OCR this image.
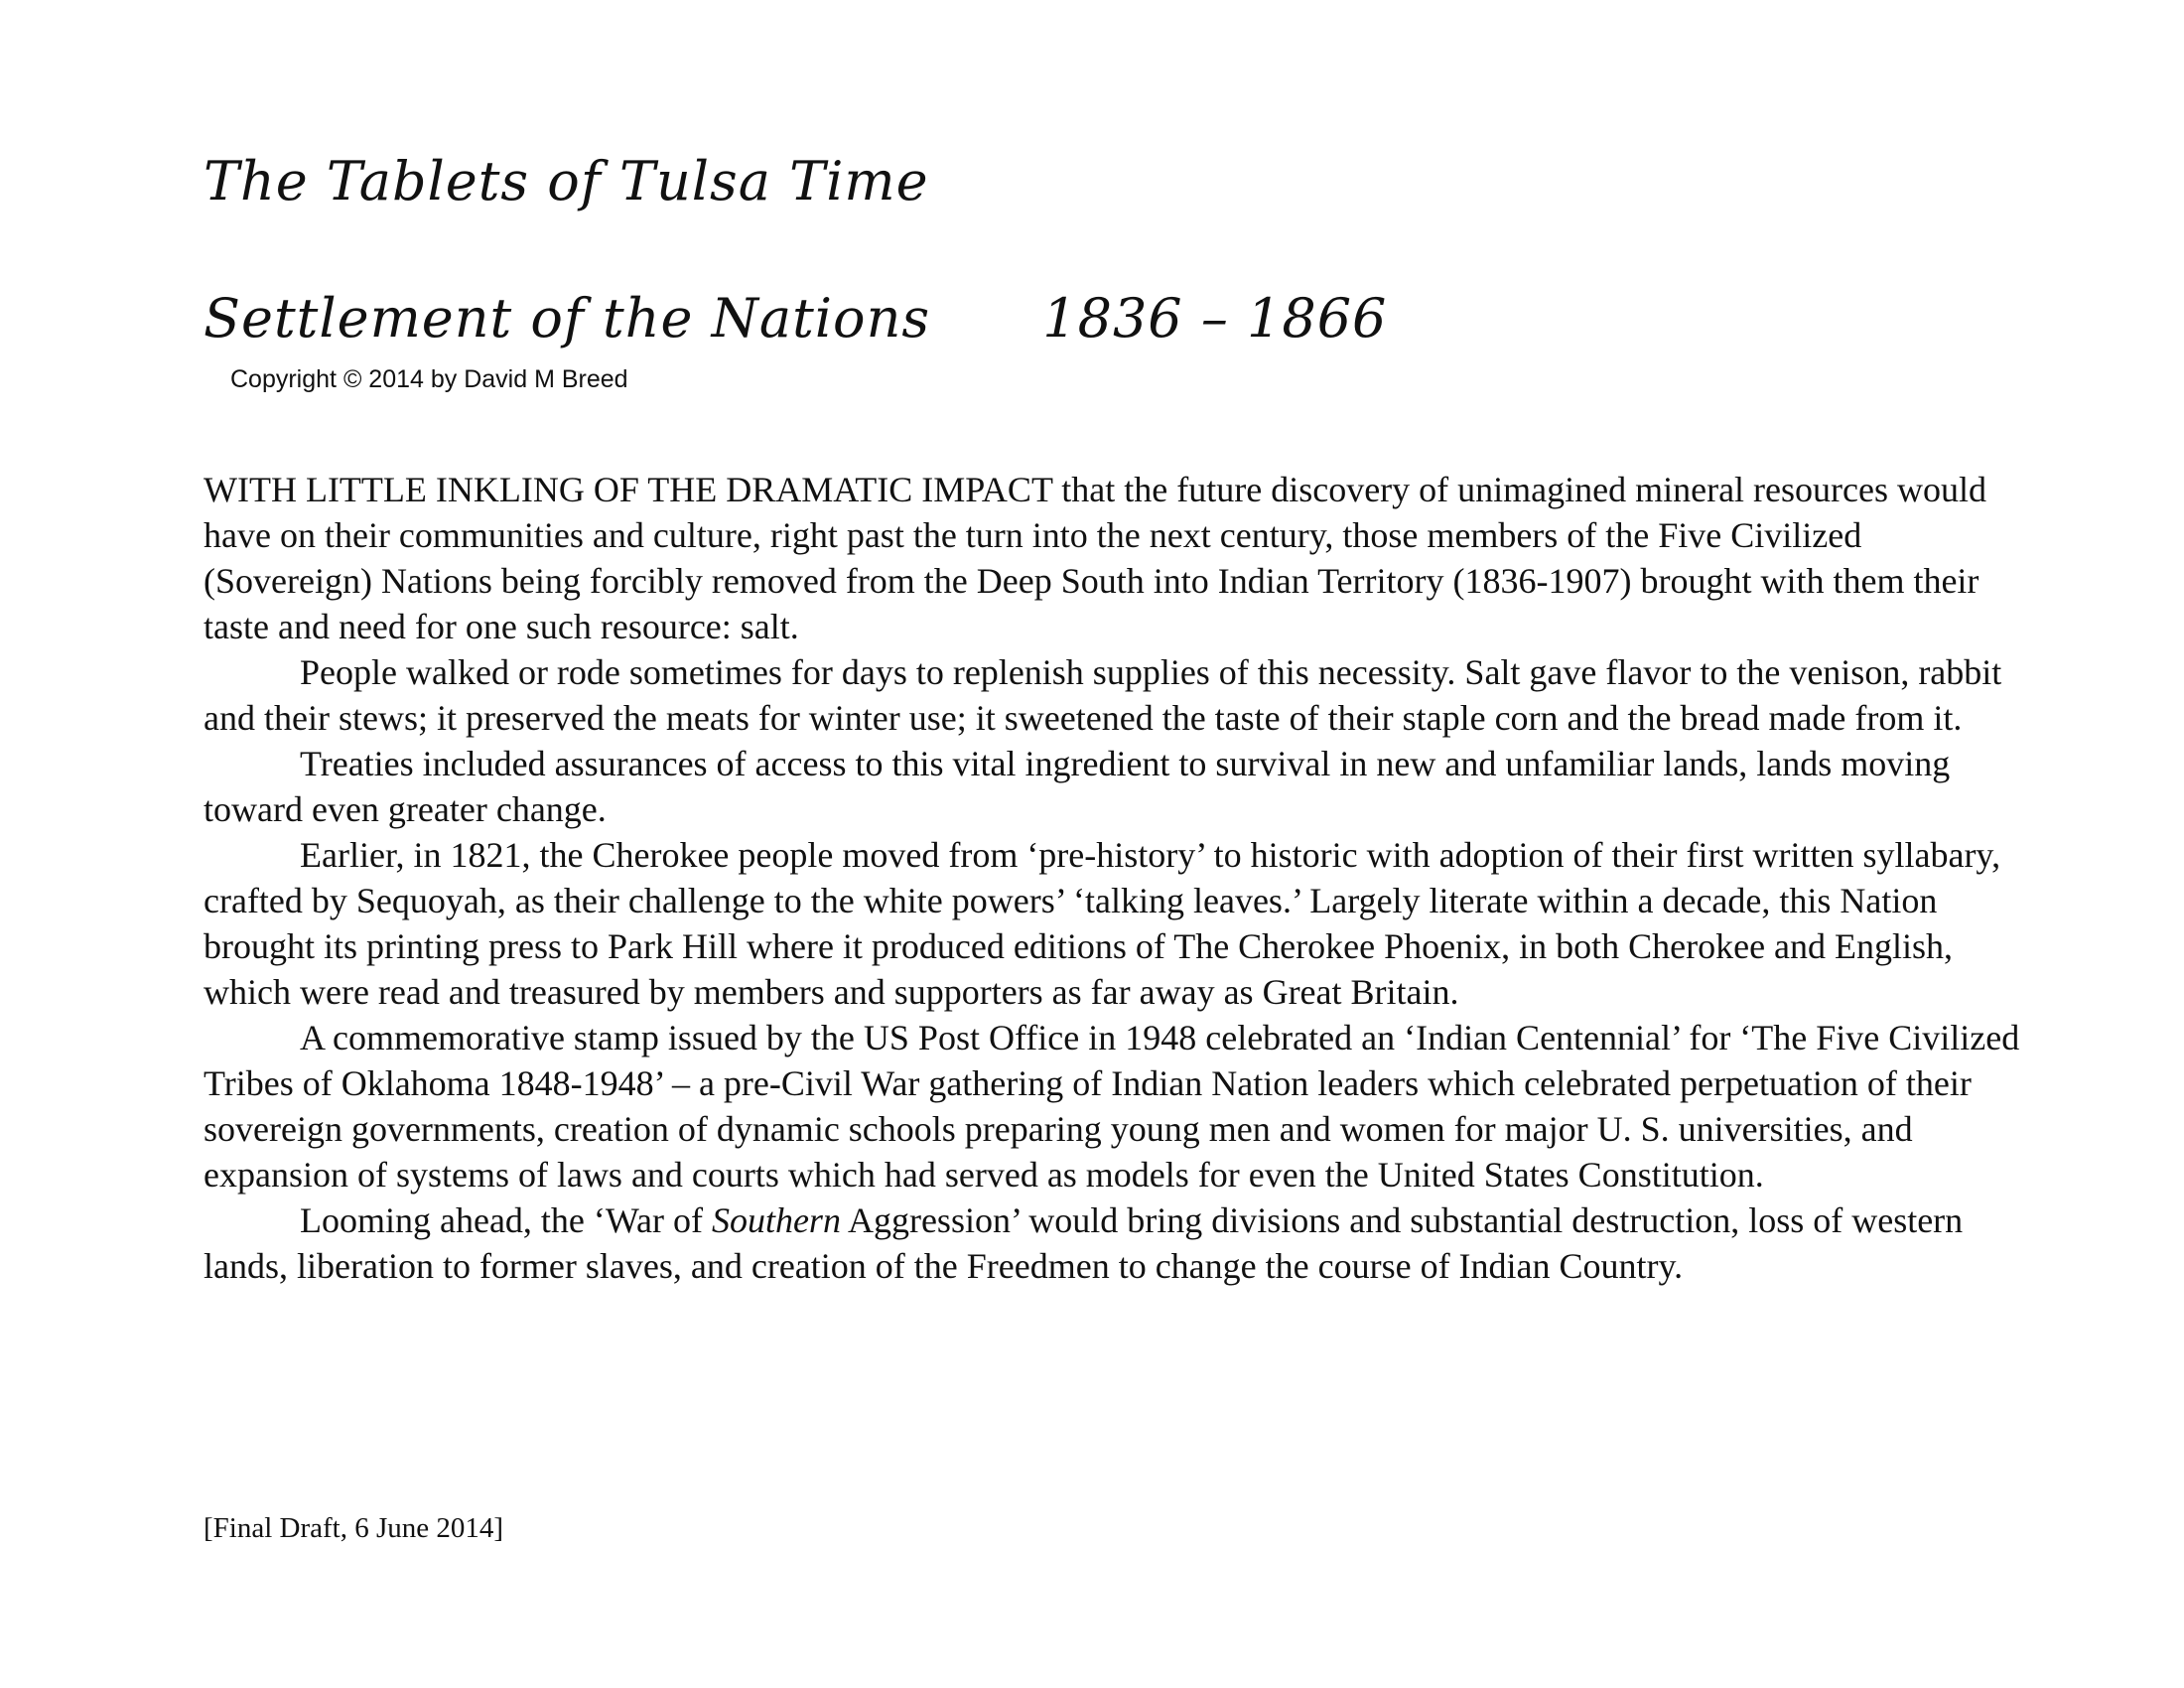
The Tablets of Tulsa Time
Settlement of the Nations 1836 – 1866
Copyright © 2014 by David M Breed

WITH LITTLE INKLING OF THE DRAMATIC IMPACT that the future discovery of unimagined mineral resources would have on their communities and culture, right past the turn into the next century, those members of the Five Civilized (Sovereign) Nations being forcibly removed from the Deep South into Indian Territory (1836-1907) brought with them their taste and need for one such resource: salt.

People walked or rode sometimes for days to replenish supplies of this necessity. Salt gave flavor to the venison, rabbit and their stews; it preserved the meats for winter use; it sweetened the taste of their staple corn and the bread made from it.

Treaties included assurances of access to this vital ingredient to survival in new and unfamiliar lands, lands moving toward even greater change.

Earlier, in 1821, the Cherokee people moved from ‘pre-history’ to historic with adoption of their first written syllabary, crafted by Sequoyah, as their challenge to the white powers’ ‘talking leaves.’ Largely literate within a decade, this Nation brought its printing press to Park Hill where it produced editions of The Cherokee Phoenix, in both Cherokee and English, which were read and treasured by members and supporters as far away as Great Britain.

A commemorative stamp issued by the US Post Office in 1948 celebrated an ‘Indian Centennial’ for ‘The Five Civilized Tribes of Oklahoma 1848-1948’ – a pre-Civil War gathering of Indian Nation leaders which celebrated perpetuation of their sovereign governments, creation of dynamic schools preparing young men and women for major U. S. universities, and expansion of systems of laws and courts which had served as models for even the United States Constitution.

Looming ahead, the ‘War of Southern Aggression’ would bring divisions and substantial destruction, loss of western lands, liberation to former slaves, and creation of the Freedmen to change the course of Indian Country.

[Final Draft, 6 June 2014]
